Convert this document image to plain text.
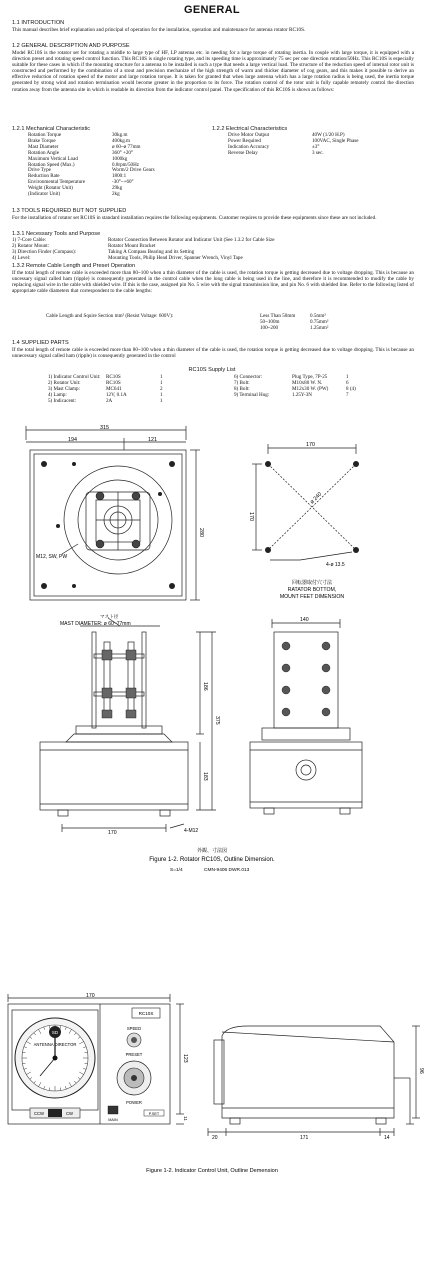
GENERAL
1.1 INTRODUCTION
This manual describes brief explanation and principal of operation for the installation, operation and maintenance for antenna rotator RC10S.
1.2 GENERAL DESCRIPTION AND PURPOSE
Model RC10S is the rotator set for rotating a middle to large type of HF, LP antenna etc. in needing for a large torque of rotating inertia. In couple with large torque, it is equipped with a direction preset and rotating speed control function. This RC10S is single rotating type, and its speeding time is approximately 75 sec per one direction rotation/50Hz. This RC10S is especially suitable for these cases in which if the mounting structure for a antenna to be installed is such a type that needs a large vertical load. The structure of the reduction speed of internal rotor unit is constructed and performed by the combination of a stout and precision mechanize of the high strength of warm and thicker diameter of cog gears, and this makes it possible to derive an effective reduction of rotation speed of the motor and large rotation torque. It is taken for granted that when large antenna which has a large rotation radius is being used, the inertia torque generated by strong wind and rotation termination would become greater in the proportion to its force. The rotation control of the rotor unit is fully capable remotely control the direction rotation away from the antenna site in which is readable its direction from the indicator control panel. The specification of this RC10S is shown as follows:
1.2.1 Mechanical Characteristic
Rotation Torque	30kg.m
Brake Torque	400kg.m
Mast Diameter	ø 60~ø 77mm
Rotation Angle	360° +20°
Maximum Vertical Load	1000kg
Rotation Speed (Max.)	0.8rpm/50Hz
Drive Type	Worm/2 Drive Gears
Reduction Rate	1800:1
Environmental Temperature	-30°~+60°
Weight (Rotator Unit)	29kg
(Indicator Unit)	2kg
1.2.2 Electrical Characteristics
Drive Motor Output	40W (1/20 H.P)
Power Required	100VAC, Single Phase
Indication Accuracy	±3°
Reverse Delay	3 sec.
1.3 TOOLS REQUIRED BUT NOT SUPPLIED
For the installation of rotator set RC10S in standard installation requires the following equipments. Customer requires to provide these equipments since these are not included.
1.3.1 Necessary Tools and Purpose
1) 7-Core Cable:	Rotator Connection Between Rotator and Indicator Unit (See 1.3.2 for Cable Size
2) Rotator Mount:	Rotator Mount Bracket
3) Direction Finder (Compass):	Taking A Compass Bearing and its Setting
4) Level:	Mounting Tools, Philip Head Driver, Spanner Wrench, Vinyl Tape
1.3.2 Remote Cable Length and Preset Operation
If the total length of remote cable is exceeded more than 80~100 when a thin diameter of the cable is used, the rotation torque is getting decreased due to voltage dropping. This is because an uncessary signal called ham (ripple) is consequently generated in the control cable when the long cable is being used in the line, and therefore it is recommended to modify the cable by replacing signal wire in the cable with shielded wire. If this is the case, assigned pin No. 5 wire with the signal transmission line, and pin No. 6 with shielded line. Refer to the following listed of appropriate cable diameters that correspondent to the cable lengths:
Cable Length and Squire Section mm² (Resist Voltage: 600V):	Less Than 50mm	0.5mm²
50~100m	0.75mm²
100~200	1.25mm²
1.4 SUPPLIED PARTS
If the total length of remote cable is exceeded more than 80~100 when a thin diameter of the cable is used, the rotation torque is getting decreased due to voltage dropping. This is because an unnecessary signal called ham (ripple) is consequently generated in the control
RC10S Supply List
1) Indicator Control Unit:	RC10S	1
2) Rotator Unit:	RC10S	1
3) Mast Clamp:	MC641	2
4) Lamp:	12V, 0.1A	1
5) Indicacent:	2A	1
6) Connector:	Plug Type, 7P-25	1
7) Bolt:	M10x80 W. N.	6
8) Bolt:	M12x30 W. (PW)	8 (4)
9) Terminal Hug:	1.25Y-3N	7
315
194	121
280
M12, SW, PW
170
170
ø 240
4-ø 13.5
回転器取付穴寸法
RATATOR BOTTOM,
MOUNT FEET DIMENSION
MAST DIAMETER: ø 60~77mm
マスト径
186
375
183
140
170	4-M12
外観、寸法図
Figure 1-2. Rotator RC10S, Outline Dimension.
S=1/4	CMN-9406 DWR.013
SD
ANTENNA DIRECTOR
CCW	CW
RC10S
SPEED
PRESET
POWER
MAIN
P.SET
170
123
11
96
20	171	14
Figure 1-2. Indicator Control Unit, Outline Demension
